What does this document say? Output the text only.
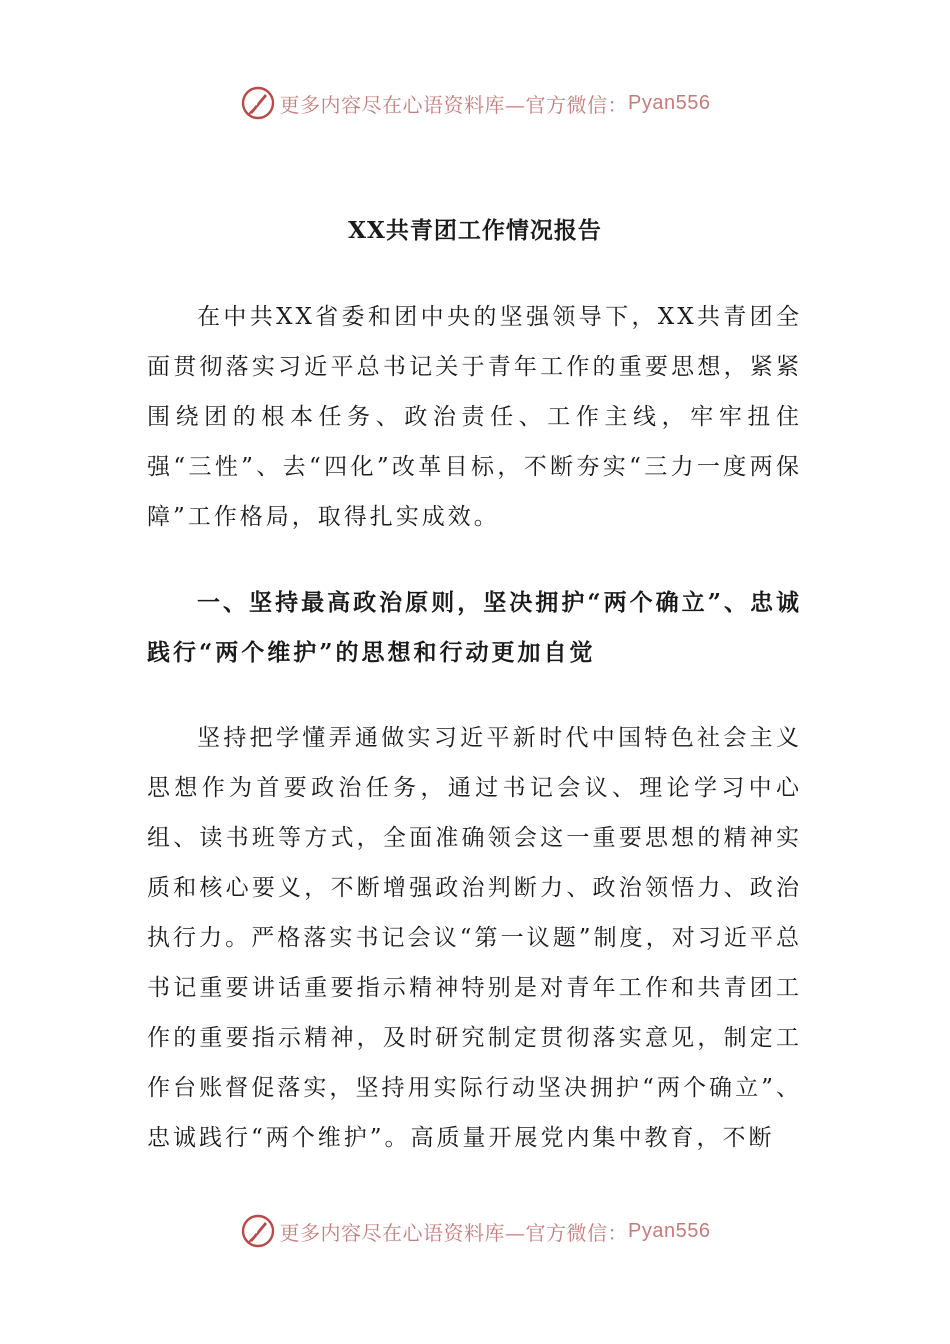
更多内容尽在心语资料库—官方微信： Pyan556
XX共青团工作情况报告

在中共XX省委和团中央的坚强领导下，XX共青团全面贯彻落实习近平总书记关于青年工作的重要思想，紧紧围绕团的根本任务、政治责任、工作主线，牢牢扭住强“三性”、去“四化”改革目标，不断夯实“三力一度两保障”工作格局，取得扎实成效。

一、坚持最高政治原则，坚决拥护“两个确立”、忠诚践行“两个维护”的思想和行动更加自觉

坚持把学懂弄通做实习近平新时代中国特色社会主义思想作为首要政治任务，通过书记会议、理论学习中心组、读书班等方式，全面准确领会这一重要思想的精神实质和核心要义，不断增强政治判断力、政治领悟力、政治执行力。严格落实书记会议“第一议题”制度，对习近平总书记重要讲话重要指示精神特别是对青年工作和共青团工作的重要指示精神，及时研究制定贯彻落实意见，制定工作台账督促落实，坚持用实际行动坚决拥护“两个确立”、忠诚践行“两个维护”。高质量开展党内集中教育，不断

更多内容尽在心语资料库—官方微信： Pyan556
